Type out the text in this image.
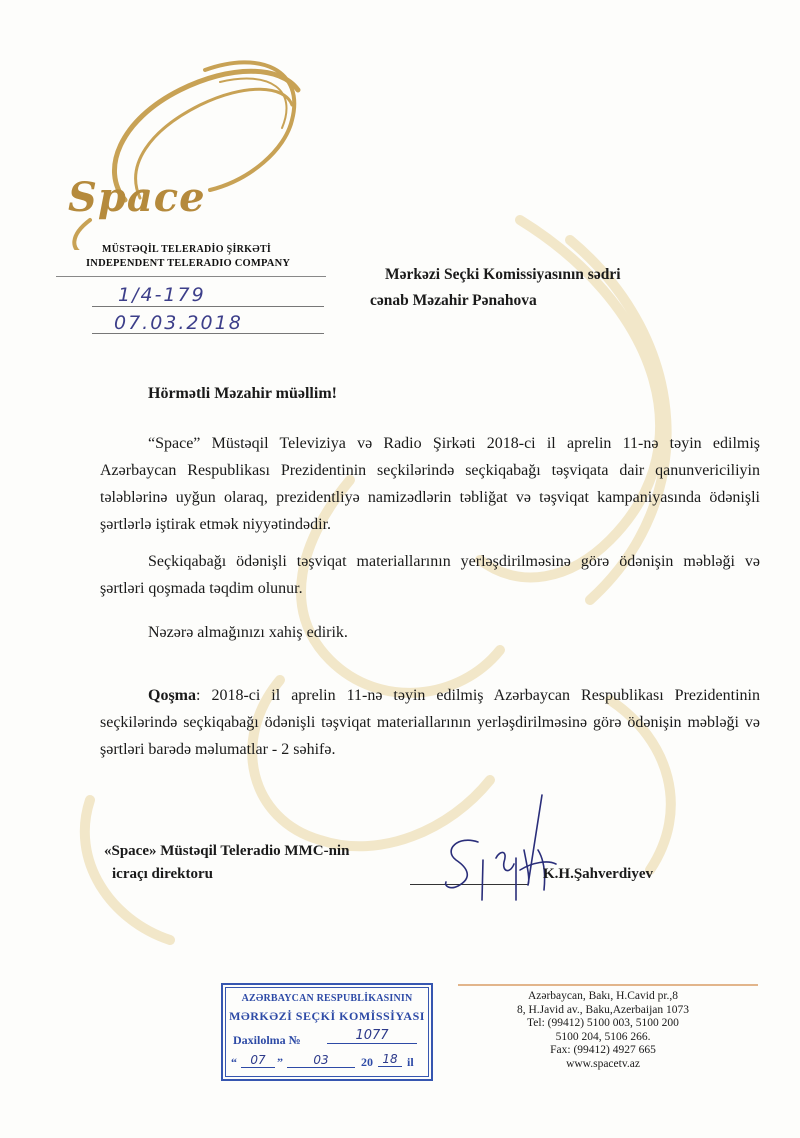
Space
MÜSTƏQİL TELERADİO ŞİRKƏTİ
INDEPENDENT TELERADIO COMPANY
1/4-179
07.03.2018
Mərkəzi Seçki Komissiyasının sədri
cənab Məzahir Pənahova
Hörmətli Məzahir müəllim!
“Space” Müstəqil Televiziya və Radio Şirkəti 2018-ci il aprelin 11-nə təyin edilmiş Azərbaycan Respublikası Prezidentinin seçkilərində seçkiqabağı təşviqata dair qanunvericiliyin tələblərinə uyğun olaraq, prezidentliyə namizədlərin təbliğat və təşviqat kampaniyasında ödənişli şərtlərlə iştirak etmək niyyətindədir.
Seçkiqabağı ödənişli təşviqat materiallarının yerləşdirilməsinə görə ödənişin məbləği və şərtləri qoşmada təqdim olunur.
Nəzərə almağınızı xahiş edirik.
Qoşma: 2018-ci il aprelin 11-nə təyin edilmiş Azərbaycan Respublikası Prezidentinin seçkilərində seçkiqabağı ödənişli təşviqat materiallarının yerləşdirilməsinə görə ödənişin məbləği və şərtləri barədə məlumatlar - 2 səhifə.
«Space» Müstəqil Teleradio MMC-nin
icraçı direktoru	K.H.Şahverdiyev
AZƏRBAYCAN RESPUBLİKASININ
MƏRKƏZİ SEÇKİ KOMİSSİYASI
Daxilolma №	1077
“	07 ”	03	20 18 il
Azərbaycan, Bakı, H.Cavid pr.,8
8, H.Javid av., Baku,Azerbaijan 1073
Tel: (99412) 5100 003, 5100 200
5100 204, 5106 266.
Fax: (99412) 4927 665
www.spacetv.az
